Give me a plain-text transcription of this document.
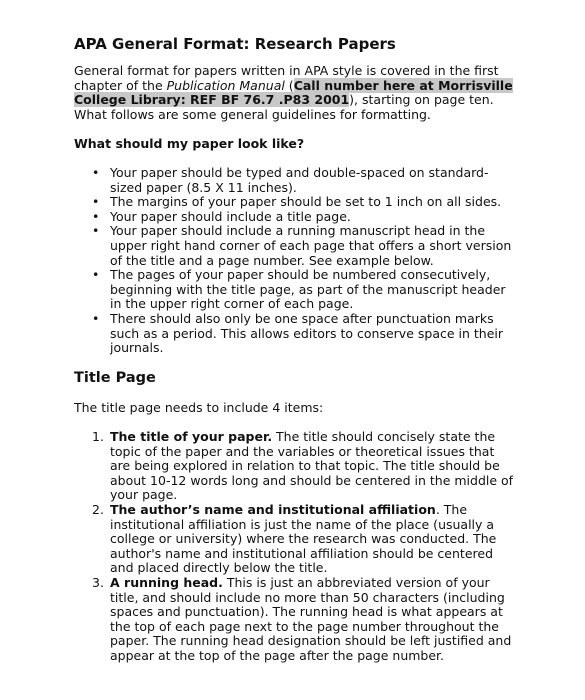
APA General Format: Research Papers

General format for papers written in APA style is covered in the first chapter of the Publication Manual (Call number here at Morrisville College Library: REF BF 76.7 .P83 2001), starting on page ten. What follows are some general guidelines for formatting.

What should my paper look like?
• Your paper should be typed and double-spaced on standard-sized paper (8.5 X 11 inches).
• The margins of your paper should be set to 1 inch on all sides.
• Your paper should include a title page.
• Your paper should include a running manuscript head in the upper right hand corner of each page that offers a short version of the title and a page number. See example below.
• The pages of your paper should be numbered consecutively, beginning with the title page, as part of the manuscript header in the upper right corner of each page.
• There should also only be one space after punctuation marks such as a period. This allows editors to conserve space in their journals.
Title Page

The title page needs to include 4 items:

1. The title of your paper. The title should concisely state the topic of the paper and the variables or theoretical issues that are being explored in relation to that topic. The title should be about 10-12 words long and should be centered in the middle of your page.
2. The author’s name and institutional affiliation. The institutional affiliation is just the name of the place (usually a college or university) where the research was conducted. The author's name and institutional affiliation should be centered and placed directly below the title.
3. A running head. This is just an abbreviated version of your title, and should include no more than 50 characters (including spaces and punctuation). The running head is what appears at the top of each page next to the page number throughout the paper. The running head designation should be left justified and appear at the top of the page after the page number.
